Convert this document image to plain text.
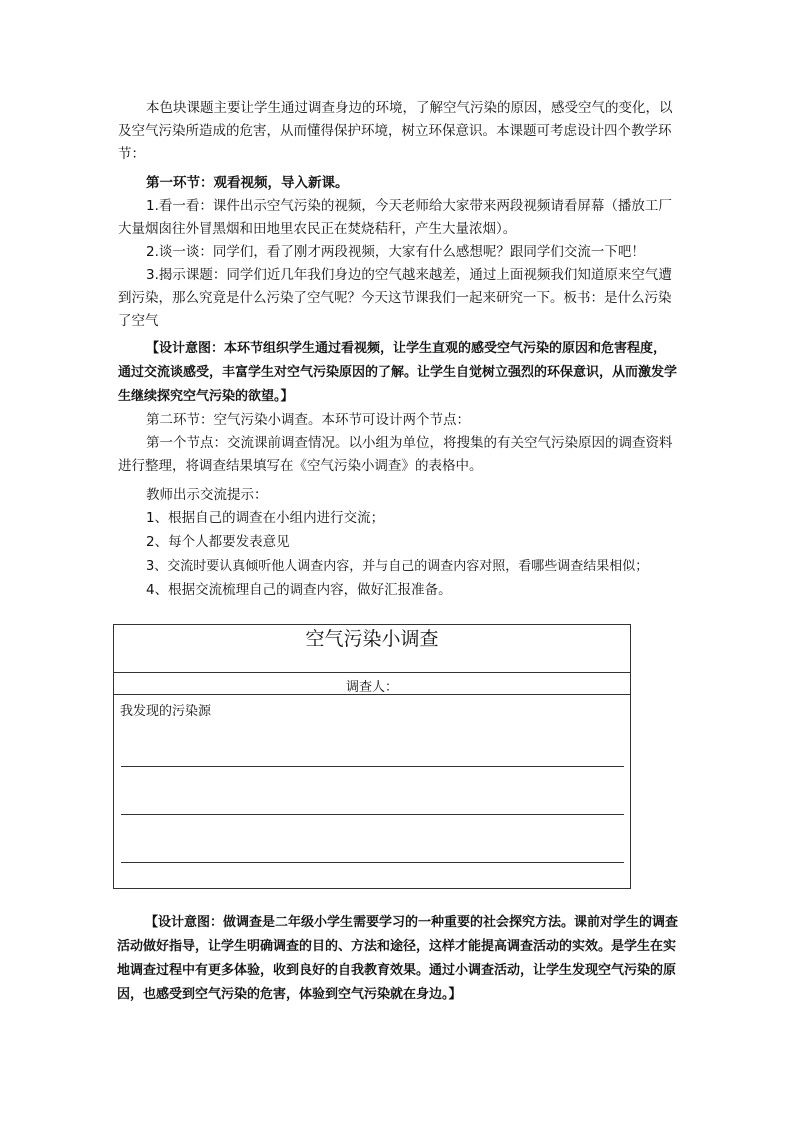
本色块课题主要让学生通过调查身边的环境，了解空气污染的原因，感受空气的变化，以及空气污染所造成的危害，从而懂得保护环境，树立环保意识。本课题可考虑设计四个教学环节：

第一环节：观看视频，导入新课。

1.看一看：课件出示空气污染的视频，今天老师给大家带来两段视频请看屏幕（播放工厂大量烟囱往外冒黑烟和田地里农民正在焚烧秸秆，产生大量浓烟）。

2.谈一谈：同学们，看了刚才两段视频，大家有什么感想呢？跟同学们交流一下吧！

3.揭示课题：同学们近几年我们身边的空气越来越差，通过上面视频我们知道原来空气遭到污染，那么究竟是什么污染了空气呢？今天这节课我们一起来研究一下。板书：是什么污染了空气

【设计意图：本环节组织学生通过看视频，让学生直观的感受空气污染的原因和危害程度，通过交流谈感受，丰富学生对空气污染原因的了解。让学生自觉树立强烈的环保意识，从而激发学生继续探究空气污染的欲望。】

第二环节：空气污染小调查。本环节可设计两个节点：

第一个节点：交流课前调查情况。以小组为单位，将搜集的有关空气污染原因的调查资料进行整理，将调查结果填写在《空气污染小调查》的表格中。

教师出示交流提示：

1、根据自己的调查在小组内进行交流；

2、每个人都要发表意见

3、交流时要认真倾听他人调查内容，并与自己的调查内容对照，看哪些调查结果相似；

4、根据交流梳理自己的调查内容，做好汇报准备。

空气污染小调查
调查人：
我发现的污染源

【设计意图：做调查是二年级小学生需要学习的一种重要的社会探究方法。课前对学生的调查活动做好指导，让学生明确调查的目的、方法和途径，这样才能提高调查活动的实效。是学生在实地调查过程中有更多体验，收到良好的自我教育效果。通过小调查活动，让学生发现空气污染的原因，也感受到空气污染的危害，体验到空气污染就在身边。】
